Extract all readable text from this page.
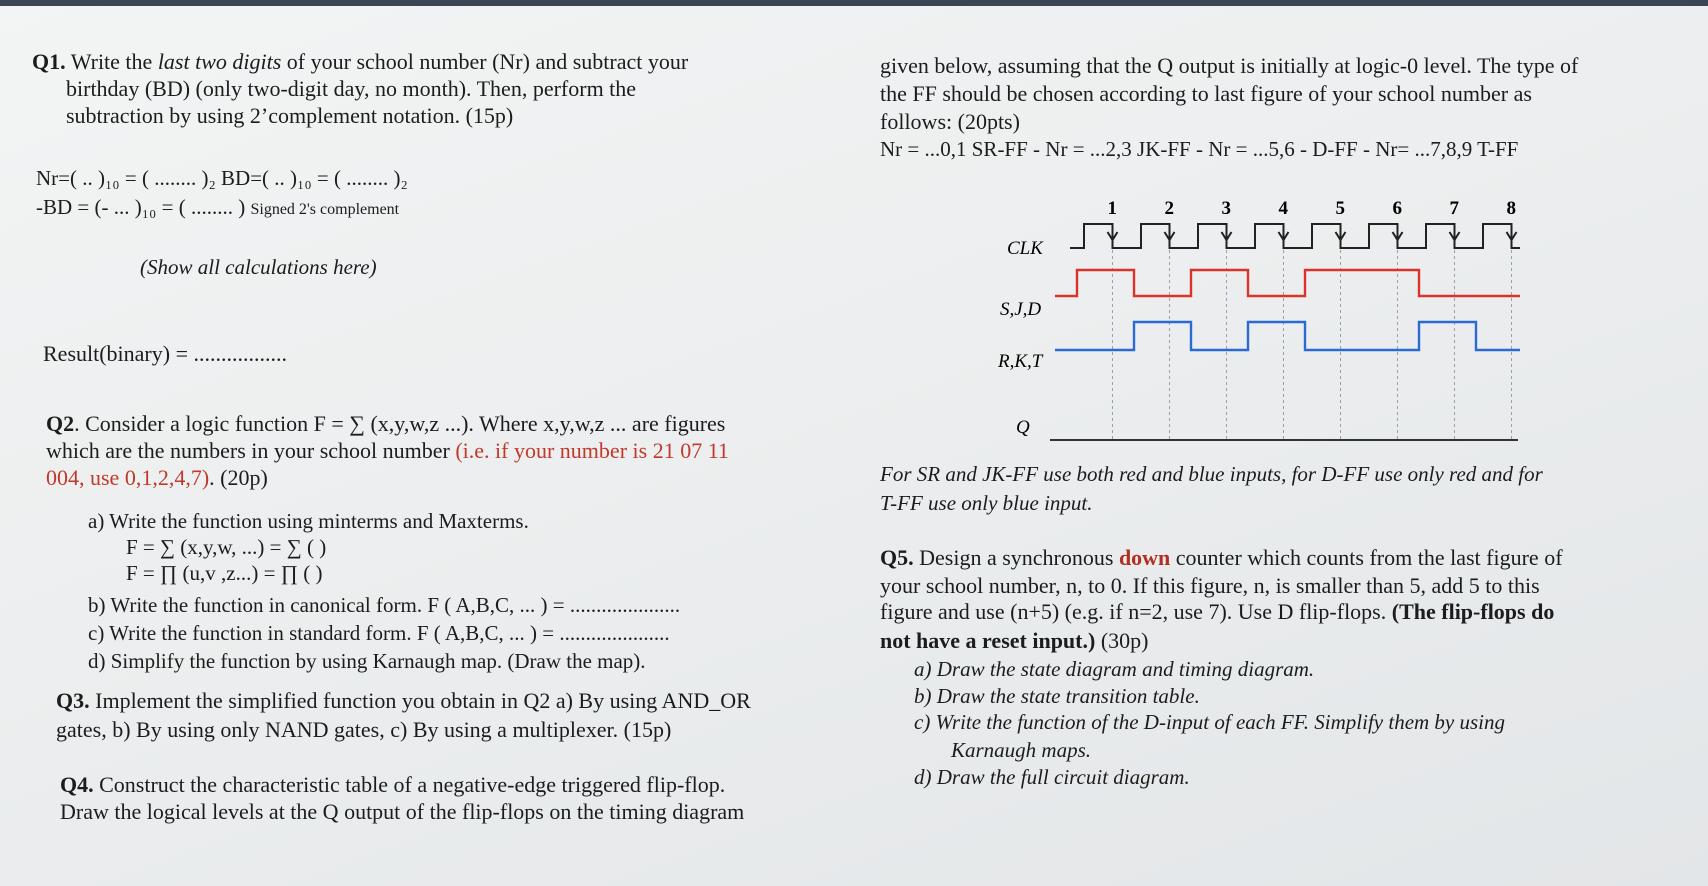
Q1. Write the last two digits of your school number (Nr) and subtract your
birthday (BD) (only two-digit day, no month). Then, perform the
subtraction by using 2’complement notation. (15p)
Nr=( .. )₁₀ = ( ........ )₂ BD=( .. )₁₀ = ( ........ )₂
-BD = (- ... )₁₀ = ( ........ ) Signed 2's complement
(Show all calculations here)
Result(binary) = .................
Q2. Consider a logic function F = ∑ (x,y,w,z ...). Where x,y,w,z ... are figures
which are the numbers in your school number (i.e. if your number is 21 07 11
004, use 0,1,2,4,7). (20p)
a) Write the function using minterms and Maxterms.
F = ∑ (x,y,w, ...) = ∑ ( )
F = ∏ (u,v ,z...) = ∏ ( )
b) Write the function in canonical form. F ( A,B,C, ... ) = .....................
c) Write the function in standard form. F ( A,B,C, ... ) = .....................
d) Simplify the function by using Karnaugh map. (Draw the map).
Q3. Implement the simplified function you obtain in Q2 a) By using AND_OR
gates, b) By using only NAND gates, c) By using a multiplexer. (15p)
Q4. Construct the characteristic table of a negative-edge triggered flip-flop.
Draw the logical levels at the Q output of the flip-flops on the timing diagram
given below, assuming that the Q output is initially at logic-0 level. The type of
the FF should be chosen according to last figure of your school number as
follows: (20pts)
Nr = ...0,1 SR-FF - Nr = ...2,3 JK-FF - Nr = ...5,6 - D-FF - Nr= ...7,8,9 T-FF
CLK
S,J,D
R,K,T
Q
1	2	3	4	5	6	7	8
For SR and JK-FF use both red and blue inputs, for D-FF use only red and for
T-FF use only blue input.
Q5. Design a synchronous down counter which counts from the last figure of
your school number, n, to 0. If this figure, n, is smaller than 5, add 5 to this
figure and use (n+5) (e.g. if n=2, use 7). Use D flip-flops. (The flip-flops do
not have a reset input.) (30p)
a) Draw the state diagram and timing diagram.
b) Draw the state transition table.
c) Write the function of the D-input of each FF. Simplify them by using
Karnaugh maps.
d) Draw the full circuit diagram.
